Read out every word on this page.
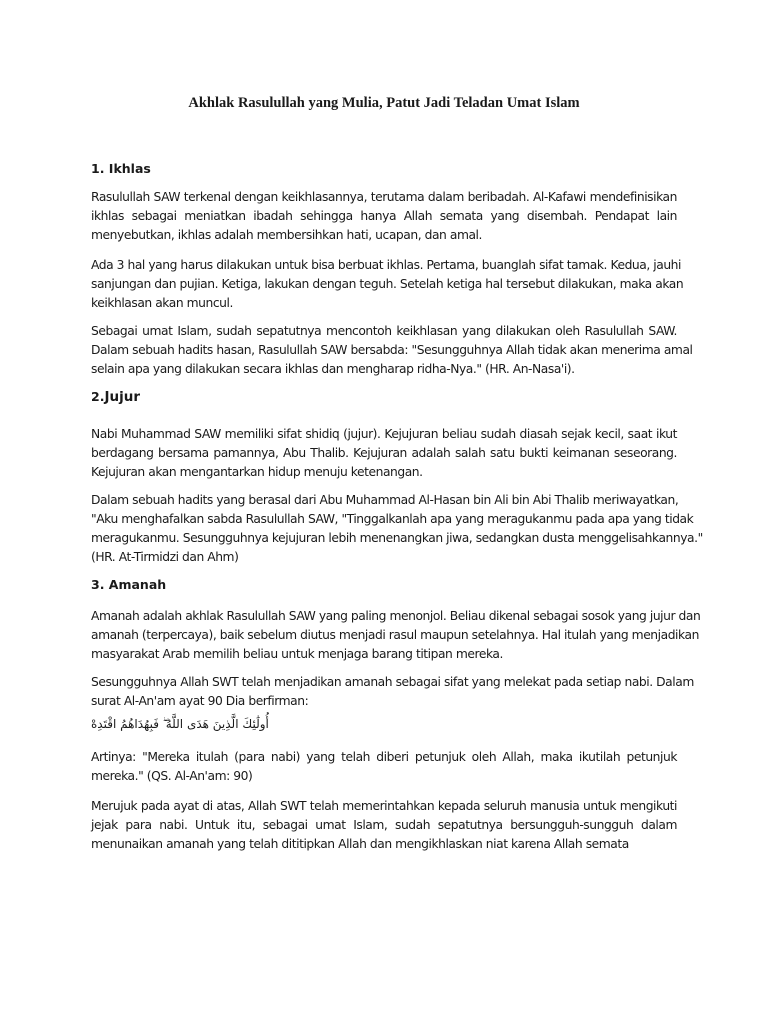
Akhlak Rasulullah yang Mulia, Patut Jadi Teladan Umat Islam
1. Ikhlas
Rasulullah SAW terkenal dengan keikhlasannya, terutama dalam beribadah. Al-Kafawi mendefinisikan
ikhlas sebagai meniatkan ibadah sehingga hanya Allah semata yang disembah. Pendapat lain
menyebutkan, ikhlas adalah membersihkan hati, ucapan, dan amal.
Ada 3 hal yang harus dilakukan untuk bisa berbuat ikhlas. Pertama, buanglah sifat tamak. Kedua, jauhi
sanjungan dan pujian. Ketiga, lakukan dengan teguh. Setelah ketiga hal tersebut dilakukan, maka akan
keikhlasan akan muncul.
Sebagai umat Islam, sudah sepatutnya mencontoh keikhlasan yang dilakukan oleh Rasulullah SAW.
Dalam sebuah hadits hasan, Rasulullah SAW bersabda: "Sesungguhnya Allah tidak akan menerima amal
selain apa yang dilakukan secara ikhlas dan mengharap ridha-Nya." (HR. An-Nasa'i).
2.Jujur
Nabi Muhammad SAW memiliki sifat shidiq (jujur). Kejujuran beliau sudah diasah sejak kecil, saat ikut
berdagang bersama pamannya, Abu Thalib. Kejujuran adalah salah satu bukti keimanan seseorang.
Kejujuran akan mengantarkan hidup menuju ketenangan.
Dalam sebuah hadits yang berasal dari Abu Muhammad Al-Hasan bin Ali bin Abi Thalib meriwayatkan,
"Aku menghafalkan sabda Rasulullah SAW, "Tinggalkanlah apa yang meragukanmu pada apa yang tidak
meragukanmu. Sesungguhnya kejujuran lebih menenangkan jiwa, sedangkan dusta menggelisahkannya."
(HR. At-Tirmidzi dan Ahm)
3. Amanah
Amanah adalah akhlak Rasulullah SAW yang paling menonjol. Beliau dikenal sebagai sosok yang jujur dan
amanah (terpercaya), baik sebelum diutus menjadi rasul maupun setelahnya. Hal itulah yang menjadikan
masyarakat Arab memilih beliau untuk menjaga barang titipan mereka.
Sesungguhnya Allah SWT telah menjadikan amanah sebagai sifat yang melekat pada setiap nabi. Dalam
surat Al-An'am ayat 90 Dia berfirman:
أُولَٰئِكَ الَّذِينَ هَدَى اللَّهُ ۖ فَبِهُدَاهُمُ اقْتَدِهْ
Artinya: "Mereka itulah (para nabi) yang telah diberi petunjuk oleh Allah, maka ikutilah petunjuk
mereka." (QS. Al-An'am: 90)
Merujuk pada ayat di atas, Allah SWT telah memerintahkan kepada seluruh manusia untuk mengikuti
jejak para nabi. Untuk itu, sebagai umat Islam, sudah sepatutnya bersungguh-sungguh dalam
menunaikan amanah yang telah dititipkan Allah dan mengikhlaskan niat karena Allah semata
